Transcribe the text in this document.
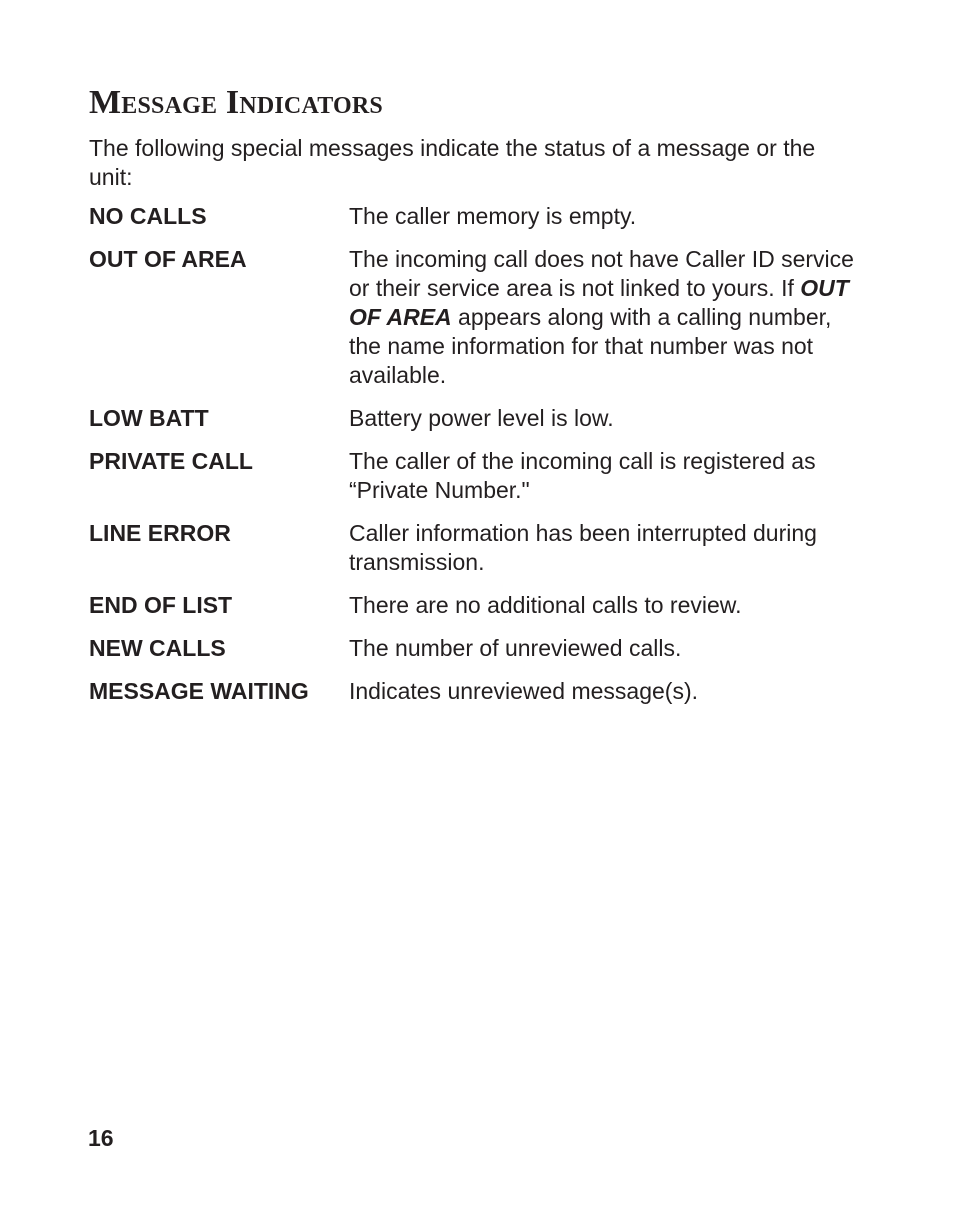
Message Indicators

The following special messages indicate the status of a message or the unit:

NO CALLS	The caller memory is empty.
OUT OF AREA	The incoming call does not have Caller ID service or their service area is not linked to yours. If OUT OF AREA appears along with a calling number, the name information for that number was not available.
LOW BATT	Battery power level is low.
PRIVATE CALL	The caller of the incoming call is registered as “Private Number."
LINE ERROR	Caller information has been interrupted during transmission.
END OF LIST	There are no additional calls to review.
NEW CALLS	The number of unreviewed calls.
MESSAGE WAITING	Indicates unreviewed message(s).
16
